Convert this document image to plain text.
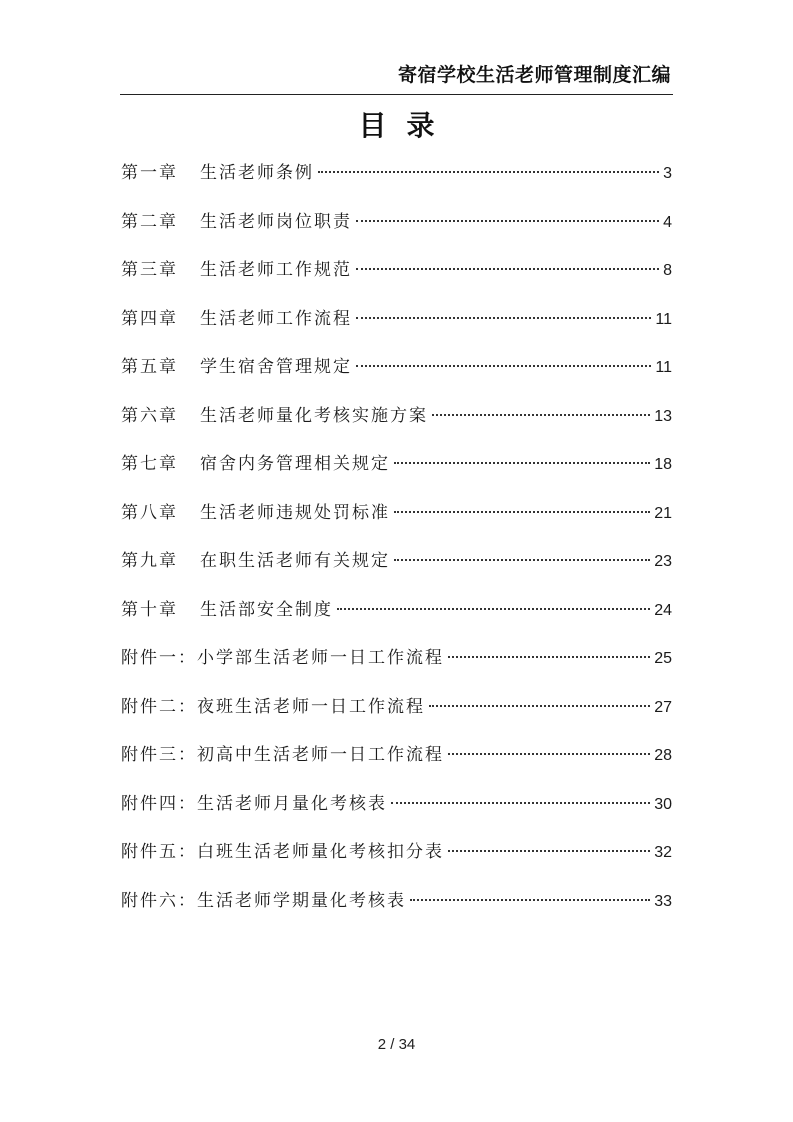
寄宿学校生活老师管理制度汇编
目录
第一章 生活老师条例	3
第二章 生活老师岗位职责	4
第三章 生活老师工作规范	8
第四章 生活老师工作流程	11
第五章 学生宿舍管理规定	11
第六章 生活老师量化考核实施方案	13
第七章 宿舍内务管理相关规定	18
第八章 生活老师违规处罚标准	21
第九章 在职生活老师有关规定	23
第十章 生活部安全制度	24
附件一： 小学部生活老师一日工作流程	25
附件二： 夜班生活老师一日工作流程	27
附件三： 初高中生活老师一日工作流程	28
附件四： 生活老师月量化考核表	30
附件五： 白班生活老师量化考核扣分表	32
附件六： 生活老师学期量化考核表	33
2 / 34
